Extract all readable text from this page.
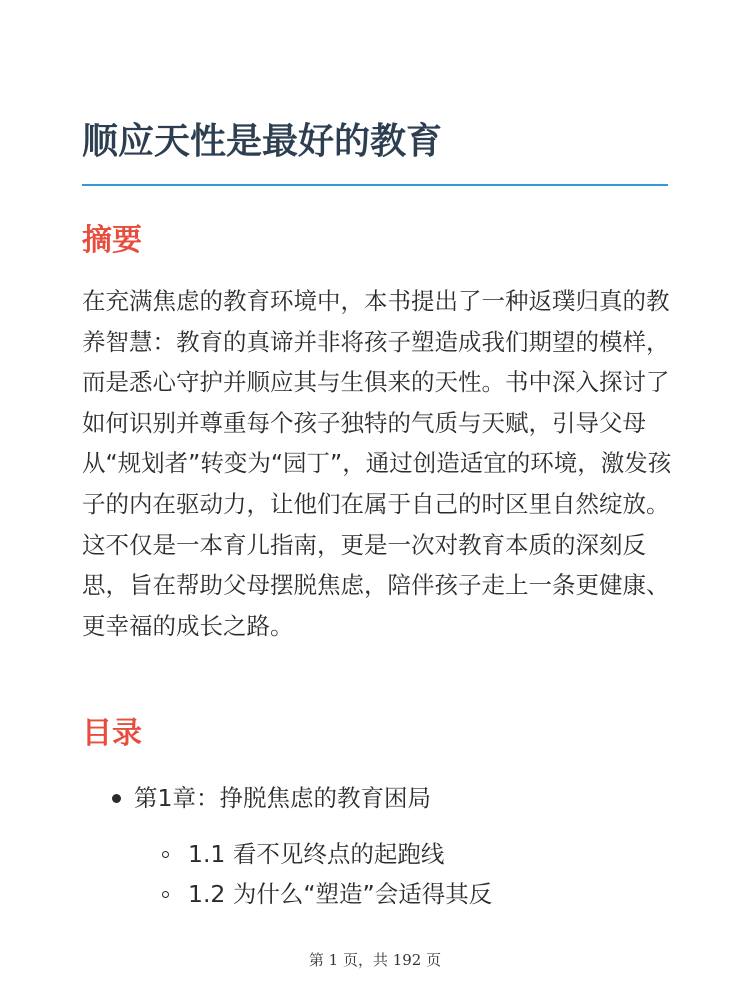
顺应天性是最好的教育
摘要

在充满焦虑的教育环境中，本书提出了一种返璞归真的教养智慧：教育的真谛并非将孩子塑造成我们期望的模样，而是悉心守护并顺应其与生俱来的天性。书中深入探讨了如何识别并尊重每个孩子独特的气质与天赋，引导父母从“规划者”转变为“园丁”，通过创造适宜的环境，激发孩子的内在驱动力，让他们在属于自己的时区里自然绽放。这不仅是一本育儿指南，更是一次对教育本质的深刻反思，旨在帮助父母摆脱焦虑，陪伴孩子走上一条更健康、更幸福的成长之路。

目录
第1章：挣脱焦虑的教育困局
1.1 看不见终点的起跑线
1.2 为什么“塑造”会适得其反
第 1 页，共 192 页
